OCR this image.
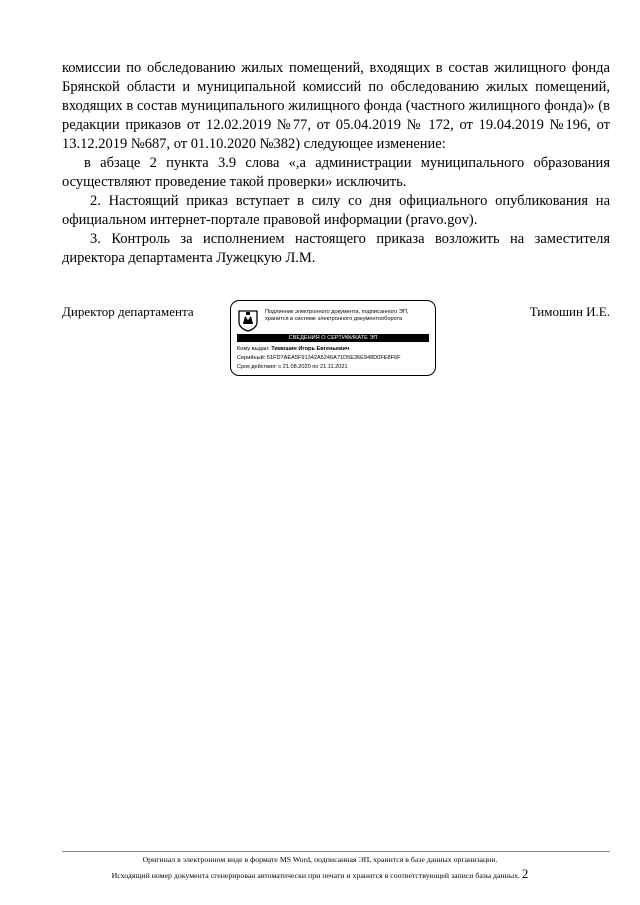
комиссии по обследованию жилых помещений, входящих в состав жилищного фонда Брянской области и муниципальной комиссий по обследованию жилых помещений, входящих в состав муниципального жилищного фонда (частного жилищного фонда)» (в редакции приказов от 12.02.2019 №77, от 05.04.2019 № 172, от 19.04.2019 №196, от 13.12.2019 №687, от 01.10.2020 №382) следующее изменение:

в абзаце 2 пункта 3.9 слова «,а администрации муниципального образования осуществляют проведение такой проверки» исключить.

2. Настоящий приказ вступает в силу со дня официального опубликования на официальном интернет-портале правовой информации (pravo.gov).

3. Контроль за исполнением настоящего приказа возложить на заместителя директора департамента Лужецкую Л.М.

Директор департамента	Тимошин И.Е.
Подлинник электронного документа, подписанного ЭП, хранится в системе электронного документооборота
СВЕДЕНИЯ О СЕРТИФИКАТЕ ЭП
Кому выдан: Тимошин Игорь Евгеньевич
Серийный: 51FD7AEA5F91342A5246A71D5E36E948D0FE8F6F
Срок действия: с 21.08.2020 по 21.11.2021
Оригинал в электронном виде в формате MS Word, подписанная ЭП, хранится в базе данных организации.
Исходящий номер документа сгенерирован автоматически при печати и хранится в соответствующей записи базы данных. 2
